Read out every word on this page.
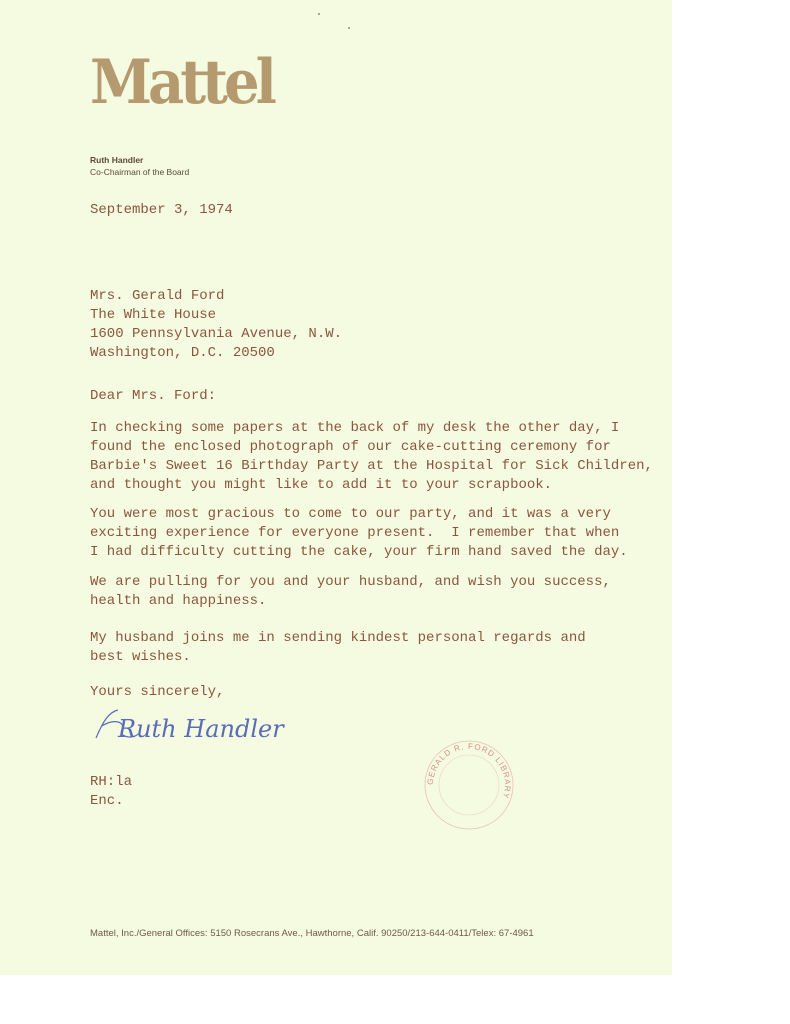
Mattel
Ruth Handler
Co-Chairman of the Board
September 3, 1974
Mrs. Gerald Ford
The White House
1600 Pennsylvania Avenue, N.W.
Washington, D.C. 20500
Dear Mrs. Ford:
In checking some papers at the back of my desk the other day, I
found the enclosed photograph of our cake-cutting ceremony for
Barbie's Sweet 16 Birthday Party at the Hospital for Sick Children,
and thought you might like to add it to your scrapbook.
You were most gracious to come to our party, and it was a very
exciting experience for everyone present.  I remember that when
I had difficulty cutting the cake, your firm hand saved the day.
We are pulling for you and your husband, and wish you success,
health and happiness.
My husband joins me in sending kindest personal regards and
best wishes.
Yours sincerely,
Ruth Handler
RH:la
Enc.
GERALD R. FORD LIBRARY
Mattel, Inc./General Offices: 5150 Rosecrans Ave., Hawthorne, Calif. 90250/213-644-0411/Telex: 67-4961
